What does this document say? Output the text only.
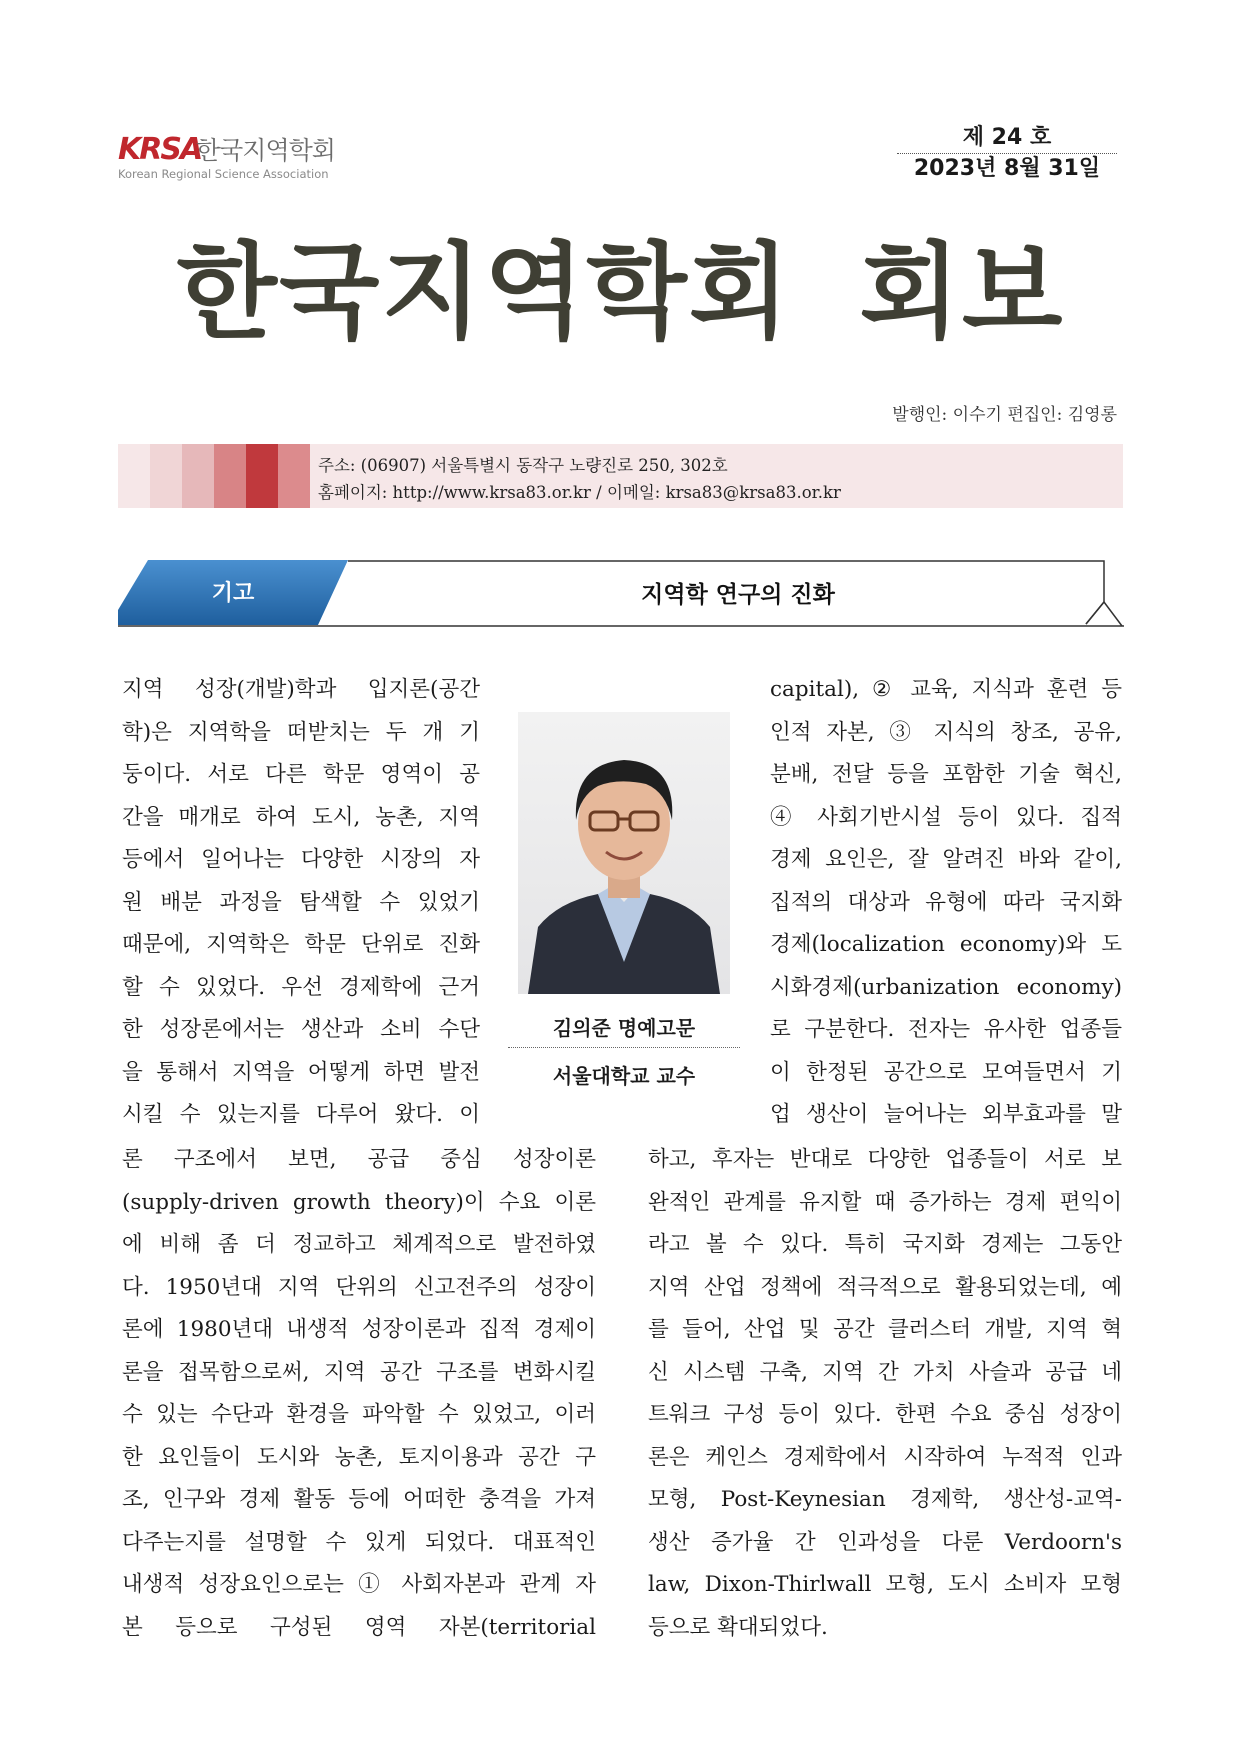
KRSA
한국지역학회
Korean Regional Science Association
제 24 호
2023년 8월 31일
한국지역학회 회보
발행인: 이수기 편집인: 김영롱
주소: (06907) 서울특별시 동작구 노량진로 250, 302호
홈페이지: http://www.krsa83.or.kr / 이메일: krsa83@krsa83.or.kr
기고	지역학 연구의 진화
지역 성장(개발)학과 입지론(공간
학)은 지역학을 떠받치는 두 개 기
둥이다. 서로 다른 학문 영역이 공
간을 매개로 하여 도시, 농촌, 지역
등에서 일어나는 다양한 시장의 자
원 배분 과정을 탐색할 수 있었기
때문에, 지역학은 학문 단위로 진화
할 수 있었다. 우선 경제학에 근거
한 성장론에서는 생산과 소비 수단
을 통해서 지역을 어떻게 하면 발전
시킬 수 있는지를 다루어 왔다. 이
capital), ② 교육, 지식과 훈련 등
인적 자본, ③ 지식의 창조, 공유,
분배, 전달 등을 포함한 기술 혁신,
④ 사회기반시설 등이 있다. 집적
경제 요인은, 잘 알려진 바와 같이,
집적의 대상과 유형에 따라 국지화
경제(localization economy)와 도
시화경제(urbanization economy)
로 구분한다. 전자는 유사한 업종들
이 한정된 공간으로 모여들면서 기
업 생산이 늘어나는 외부효과를 말
론 구조에서 보면, 공급 중심 성장이론
(supply-driven growth theory)이 수요 이론
에 비해 좀 더 정교하고 체계적으로 발전하였
다. 1950년대 지역 단위의 신고전주의 성장이
론에 1980년대 내생적 성장이론과 집적 경제이
론을 접목함으로써, 지역 공간 구조를 변화시킬
수 있는 수단과 환경을 파악할 수 있었고, 이러
한 요인들이 도시와 농촌, 토지이용과 공간 구
조, 인구와 경제 활동 등에 어떠한 충격을 가져
다주는지를 설명할 수 있게 되었다. 대표적인
내생적 성장요인으로는 ① 사회자본과 관계 자
본 등으로 구성된 영역 자본(territorial
하고, 후자는 반대로 다양한 업종들이 서로 보
완적인 관계를 유지할 때 증가하는 경제 편익이
라고 볼 수 있다. 특히 국지화 경제는 그동안
지역 산업 정책에 적극적으로 활용되었는데, 예
를 들어, 산업 및 공간 클러스터 개발, 지역 혁
신 시스템 구축, 지역 간 가치 사슬과 공급 네
트워크 구성 등이 있다. 한편 수요 중심 성장이
론은 케인스 경제학에서 시작하여 누적적 인과
모형, Post-Keynesian 경제학, 생산성-교역-
생산 증가율 간 인과성을 다룬 Verdoorn's
law, Dixon-Thirlwall 모형, 도시 소비자 모형
등으로 확대되었다.
김의준 명예고문
서울대학교 교수
